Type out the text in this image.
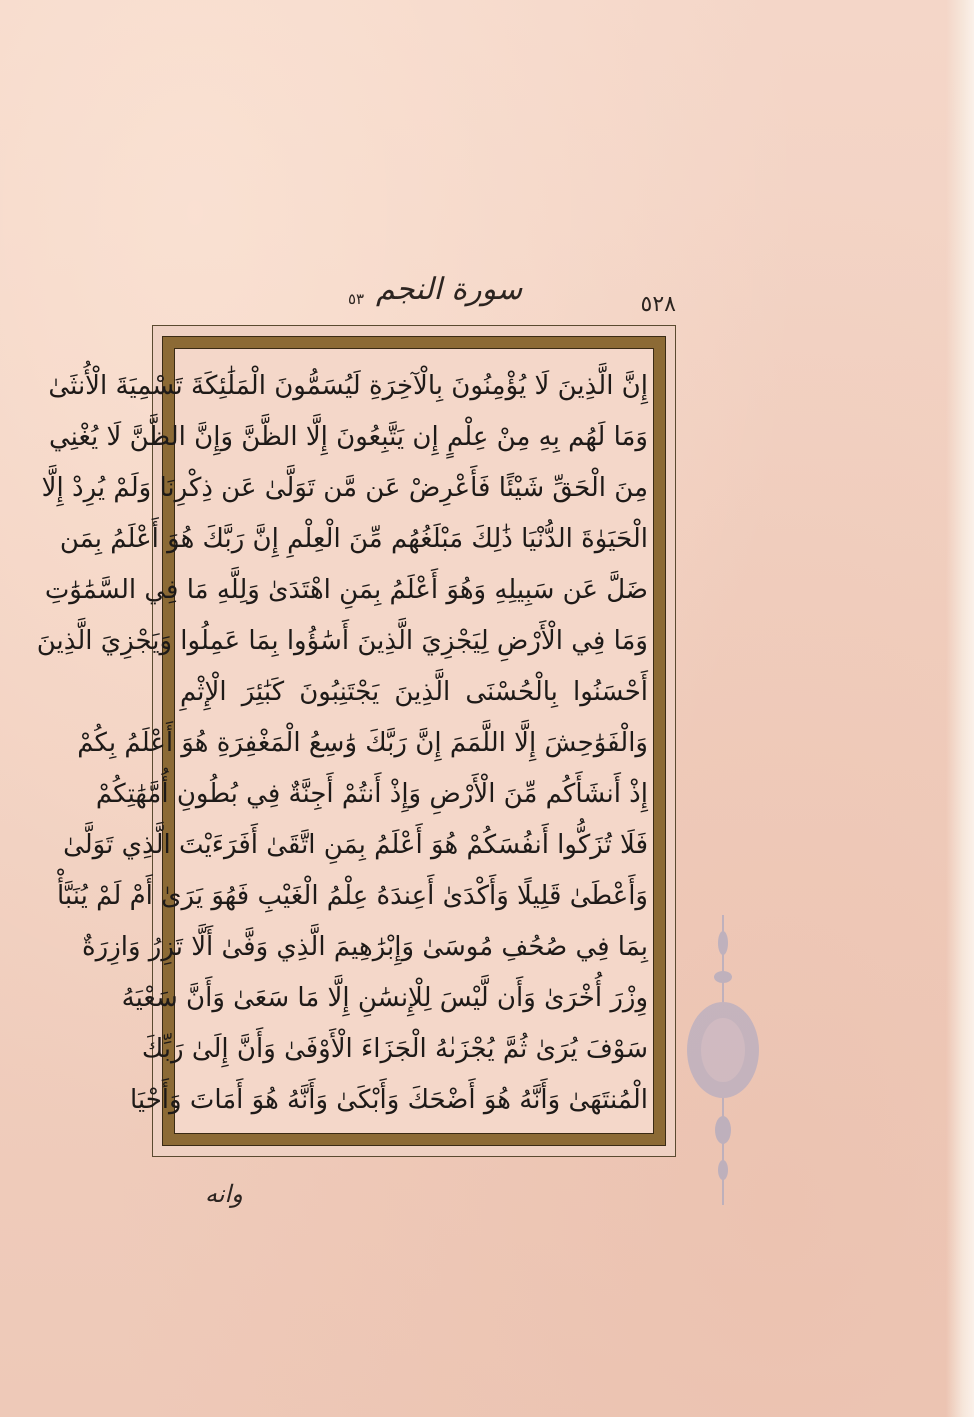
٥٣ سورة النجم	٥٢٨
إِنَّ الَّذِينَ لَا يُؤْمِنُونَ بِالْآخِرَةِ لَيُسَمُّونَ الْمَلَٰئِكَةَ تَسْمِيَةَ الْأُنثَىٰ
وَمَا لَهُم بِهِ مِنْ عِلْمٍ إِن يَتَّبِعُونَ إِلَّا الظَّنَّ وَإِنَّ الظَّنَّ لَا يُغْنِي
مِنَ الْحَقِّ شَيْئًا فَأَعْرِضْ عَن مَّن تَوَلَّىٰ عَن ذِكْرِنَا وَلَمْ يُرِدْ إِلَّا
الْحَيَوٰةَ الدُّنْيَا ذَٰلِكَ مَبْلَغُهُم مِّنَ الْعِلْمِ إِنَّ رَبَّكَ هُوَ أَعْلَمُ بِمَن
ضَلَّ عَن سَبِيلِهِ وَهُوَ أَعْلَمُ بِمَنِ اهْتَدَىٰ وَلِلَّهِ مَا فِي السَّمَٰوَٰتِ
وَمَا فِي الْأَرْضِ لِيَجْزِيَ الَّذِينَ أَسَٰؤُوا بِمَا عَمِلُوا وَيَجْزِيَ الَّذِينَ
أَحْسَنُوا بِالْحُسْنَى الَّذِينَ يَجْتَنِبُونَ كَبَٰئِرَ الْإِثْمِ
وَالْفَوَٰحِشَ إِلَّا اللَّمَمَ إِنَّ رَبَّكَ وَٰسِعُ الْمَغْفِرَةِ هُوَ أَعْلَمُ بِكُمْ
إِذْ أَنشَأَكُم مِّنَ الْأَرْضِ وَإِذْ أَنتُمْ أَجِنَّةٌ فِي بُطُونِ أُمَّهَٰتِكُمْ
فَلَا تُزَكُّوا أَنفُسَكُمْ هُوَ أَعْلَمُ بِمَنِ اتَّقَىٰ أَفَرَءَيْتَ الَّذِي تَوَلَّىٰ
وَأَعْطَىٰ قَلِيلًا وَأَكْدَىٰ أَعِندَهُ عِلْمُ الْغَيْبِ فَهُوَ يَرَىٰ أَمْ لَمْ يُنَبَّأْ
بِمَا فِي صُحُفِ مُوسَىٰ وَإِبْرَٰهِيمَ الَّذِي وَفَّىٰ أَلَّا تَزِرُ وَازِرَةٌ
وِزْرَ أُخْرَىٰ وَأَن لَّيْسَ لِلْإِنسَٰنِ إِلَّا مَا سَعَىٰ وَأَنَّ سَعْيَهُ
سَوْفَ يُرَىٰ ثُمَّ يُجْزَىٰهُ الْجَزَاءَ الْأَوْفَىٰ وَأَنَّ إِلَىٰ رَبِّكَ
الْمُنتَهَىٰ وَأَنَّهُ هُوَ أَضْحَكَ وَأَبْكَىٰ وَأَنَّهُ هُوَ أَمَاتَ وَأَحْيَا
وانه
